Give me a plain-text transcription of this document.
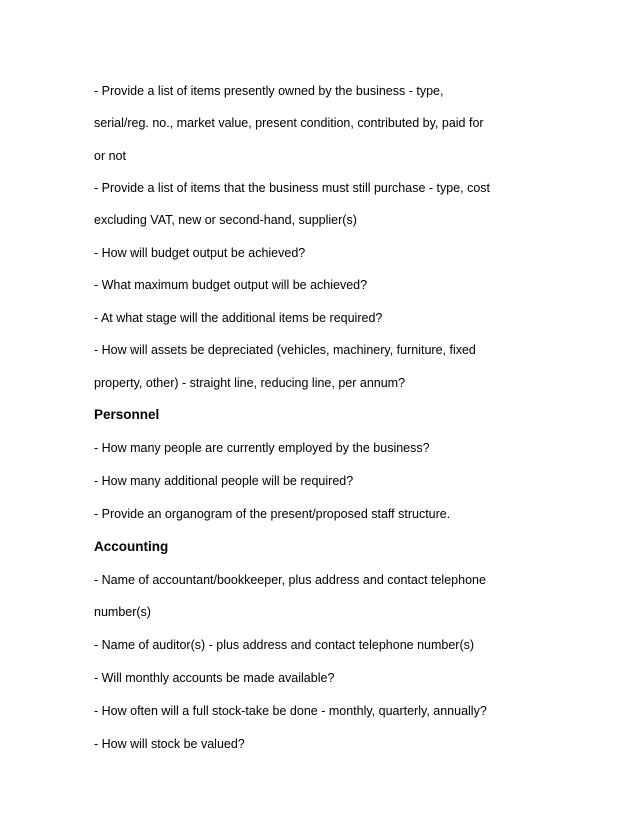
- Provide a list of items presently owned by the business - type,
serial/reg. no., market value, present condition, contributed by, paid for
or not
- Provide a list of items that the business must still purchase - type, cost
excluding VAT, new or second-hand, supplier(s)
- How will budget output be achieved?
- What maximum budget output will be achieved?
- At what stage will the additional items be required?
- How will assets be depreciated (vehicles, machinery, furniture, fixed
property, other) - straight line, reducing line, per annum?
Personnel
- How many people are currently employed by the business?
- How many additional people will be required?
- Provide an organogram of the present/proposed staff structure.
Accounting
- Name of accountant/bookkeeper, plus address and contact telephone
number(s)
- Name of auditor(s) - plus address and contact telephone number(s)
- Will monthly accounts be made available?
- How often will a full stock-take be done - monthly, quarterly, annually?
- How will stock be valued?
